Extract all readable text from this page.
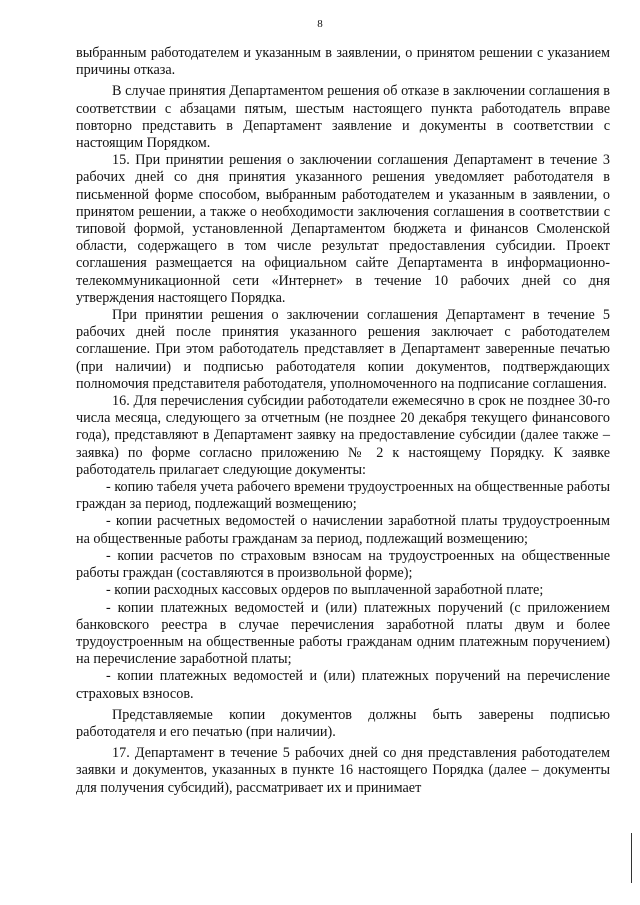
8

выбранным работодателем и указанным в заявлении, о принятом решении с указанием причины отказа.

В случае принятия Департаментом решения об отказе в заключении соглашения в соответствии с абзацами пятым, шестым настоящего пункта работодатель вправе повторно представить в Департамент заявление и документы в соответствии с настоящим Порядком.

15. При принятии решения о заключении соглашения Департамент в течение 3 рабочих дней со дня принятия указанного решения уведомляет работодателя в письменной форме способом, выбранным работодателем и указанным в заявлении, о принятом решении, а также о необходимости заключения соглашения в соответствии с типовой формой, установленной Департаментом бюджета и финансов Смоленской области, содержащего в том числе результат предоставления субсидии. Проект соглашения размещается на официальном сайте Департамента в информационно-телекоммуникационной сети «Интернет» в течение 10 рабочих дней со дня утверждения настоящего Порядка.

При принятии решения о заключении соглашения Департамент в течение 5 рабочих дней после принятия указанного решения заключает с работодателем соглашение. При этом работодатель представляет в Департамент заверенные печатью (при наличии) и подписью работодателя копии документов, подтверждающих полномочия представителя работодателя, уполномоченного на подписание соглашения.

16. Для перечисления субсидии работодатели ежемесячно в срок не позднее 30-го числа месяца, следующего за отчетным (не позднее 20 декабря текущего финансового года), представляют в Департамент заявку на предоставление субсидии (далее также – заявка) по форме согласно приложению № 2 к настоящему Порядку. К заявке работодатель прилагает следующие документы:

- копию табеля учета рабочего времени трудоустроенных на общественные работы граждан за период, подлежащий возмещению;

- копии расчетных ведомостей о начислении заработной платы трудоустроенным на общественные работы гражданам за период, подлежащий возмещению;

- копии расчетов по страховым взносам на трудоустроенных на общественные работы граждан (составляются в произвольной форме);

- копии расходных кассовых ордеров по выплаченной заработной плате;

- копии платежных ведомостей и (или) платежных поручений (с приложением банковского реестра в случае перечисления заработной платы двум и более трудоустроенным на общественные работы гражданам одним платежным поручением) на перечисление заработной платы;

- копии платежных ведомостей и (или) платежных поручений на перечисление страховых взносов.

Представляемые копии документов должны быть заверены подписью работодателя и его печатью (при наличии).

17. Департамент в течение 5 рабочих дней со дня представления работодателем заявки и документов, указанных в пункте 16 настоящего Порядка (далее – документы для получения субсидий), рассматривает их и принимает
